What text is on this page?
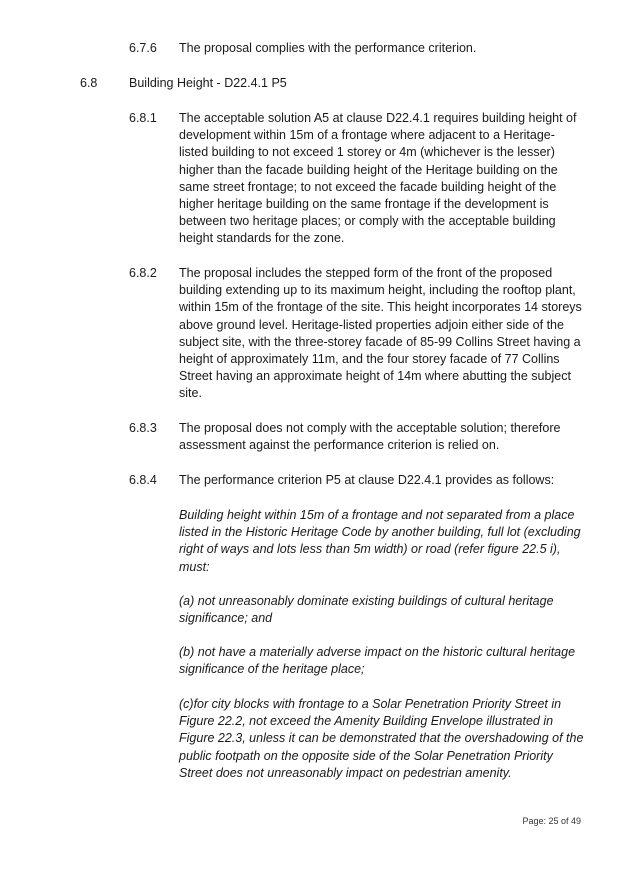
6.7.6 The proposal complies with the performance criterion.
6.8	Building Height - D22.4.1 P5
6.8.1 The acceptable solution A5 at clause D22.4.1 requires building height of development within 15m of a frontage where adjacent to a Heritage-listed building to not exceed 1 storey or 4m (whichever is the lesser) higher than the facade building height of the Heritage building on the same street frontage; to not exceed the facade building height of the higher heritage building on the same frontage if the development is between two heritage places; or comply with the acceptable building height standards for the zone.

6.8.2 The proposal includes the stepped form of the front of the proposed building extending up to its maximum height, including the rooftop plant, within 15m of the frontage of the site. This height incorporates 14 storeys above ground level. Heritage-listed properties adjoin either side of the subject site, with the three-storey facade of 85-99 Collins Street having a height of approximately 11m, and the four storey facade of 77 Collins Street having an approximate height of 14m where abutting the subject site.

6.8.3 The proposal does not comply with the acceptable solution; therefore assessment against the performance criterion is relied on.

6.8.4 The performance criterion P5 at clause D22.4.1 provides as follows:
Building height within 15m of a frontage and not separated from a place listed in the Historic Heritage Code by another building, full lot (excluding right of ways and lots less than 5m width) or road (refer figure 22.5 i), must:
(a) not unreasonably dominate existing buildings of cultural heritage significance; and
(b) not have a materially adverse impact on the historic cultural heritage significance of the heritage place;
(c)for city blocks with frontage to a Solar Penetration Priority Street in Figure 22.2, not exceed the Amenity Building Envelope illustrated in Figure 22.3, unless it can be demonstrated that the overshadowing of the public footpath on the opposite side of the Solar Penetration Priority Street does not unreasonably impact on pedestrian amenity.
Page: 25 of 49
